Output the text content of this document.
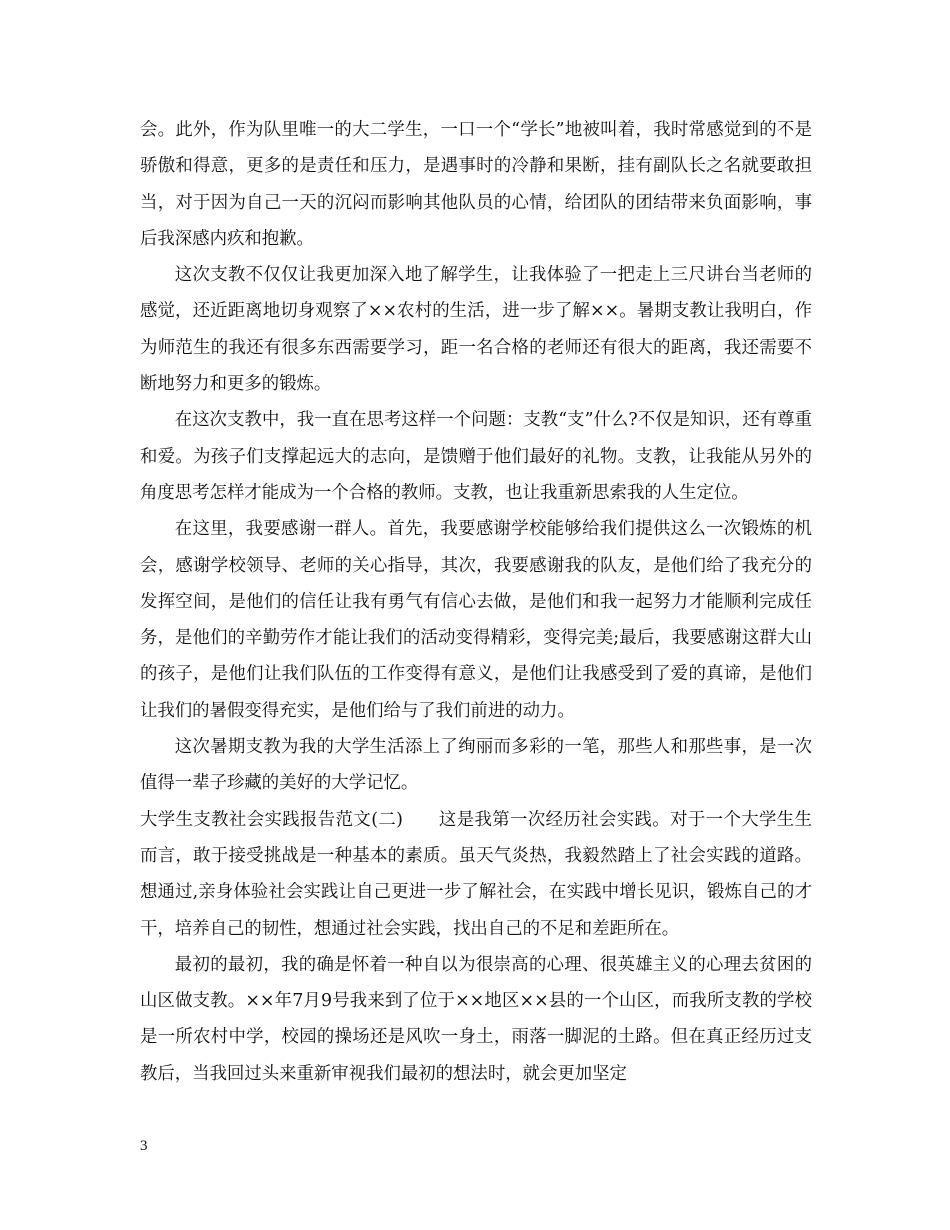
会。此外，作为队里唯一的大二学生，一口一个“学长”地被叫着，我时常感觉到的不是骄傲和得意，更多的是责任和压力，是遇事时的冷静和果断，挂有副队长之名就要敢担当，对于因为自己一天的沉闷而影响其他队员的心情，给团队的团结带来负面影响，事后我深感内疚和抱歉。

这次支教不仅仅让我更加深入地了解学生，让我体验了一把走上三尺讲台当老师的感觉，还近距离地切身观察了××农村的生活，进一步了解××。暑期支教让我明白，作为师范生的我还有很多东西需要学习，距一名合格的老师还有很大的距离，我还需要不断地努力和更多的锻炼。

在这次支教中，我一直在思考这样一个问题：支教“支”什么?不仅是知识，还有尊重和爱。为孩子们支撑起远大的志向，是馈赠于他们最好的礼物。支教，让我能从另外的角度思考怎样才能成为一个合格的教师。支教，也让我重新思索我的人生定位。

在这里，我要感谢一群人。首先，我要感谢学校能够给我们提供这么一次锻炼的机会，感谢学校领导、老师的关心指导，其次，我要感谢我的队友，是他们给了我充分的发挥空间，是他们的信任让我有勇气有信心去做，是他们和我一起努力才能顺利完成任务，是他们的辛勤劳作才能让我们的活动变得精彩，变得完美;最后，我要感谢这群大山的孩子，是他们让我们队伍的工作变得有意义，是他们让我感受到了爱的真谛，是他们让我们的暑假变得充实，是他们给与了我们前进的动力。

这次暑期支教为我的大学生活添上了绚丽而多彩的一笔，那些人和那些事，是一次值得一辈子珍藏的美好的大学记忆。

大学生支教社会实践报告范文(二)　　 这是我第一次经历社会实践。对于一个大学生生而言，敢于接受挑战是一种基本的素质。虽天气炎热，我毅然踏上了社会实践的道路。想通过,亲身体验社会实践让自己更进一步了解社会，在实践中增长见识，锻炼自己的才干，培养自己的韧性，想通过社会实践，找出自己的不足和差距所在。

最初的最初，我的确是怀着一种自以为很崇高的心理、很英雄主义的心理去贫困的山区做支教。××年7月9号我来到了位于××地区××县的一个山区，而我所支教的学校是一所农村中学，校园的操场还是风吹一身土，雨落一脚泥的土路。但在真正经历过支教后，当我回过头来重新审视我们最初的想法时，就会更加坚定

3
